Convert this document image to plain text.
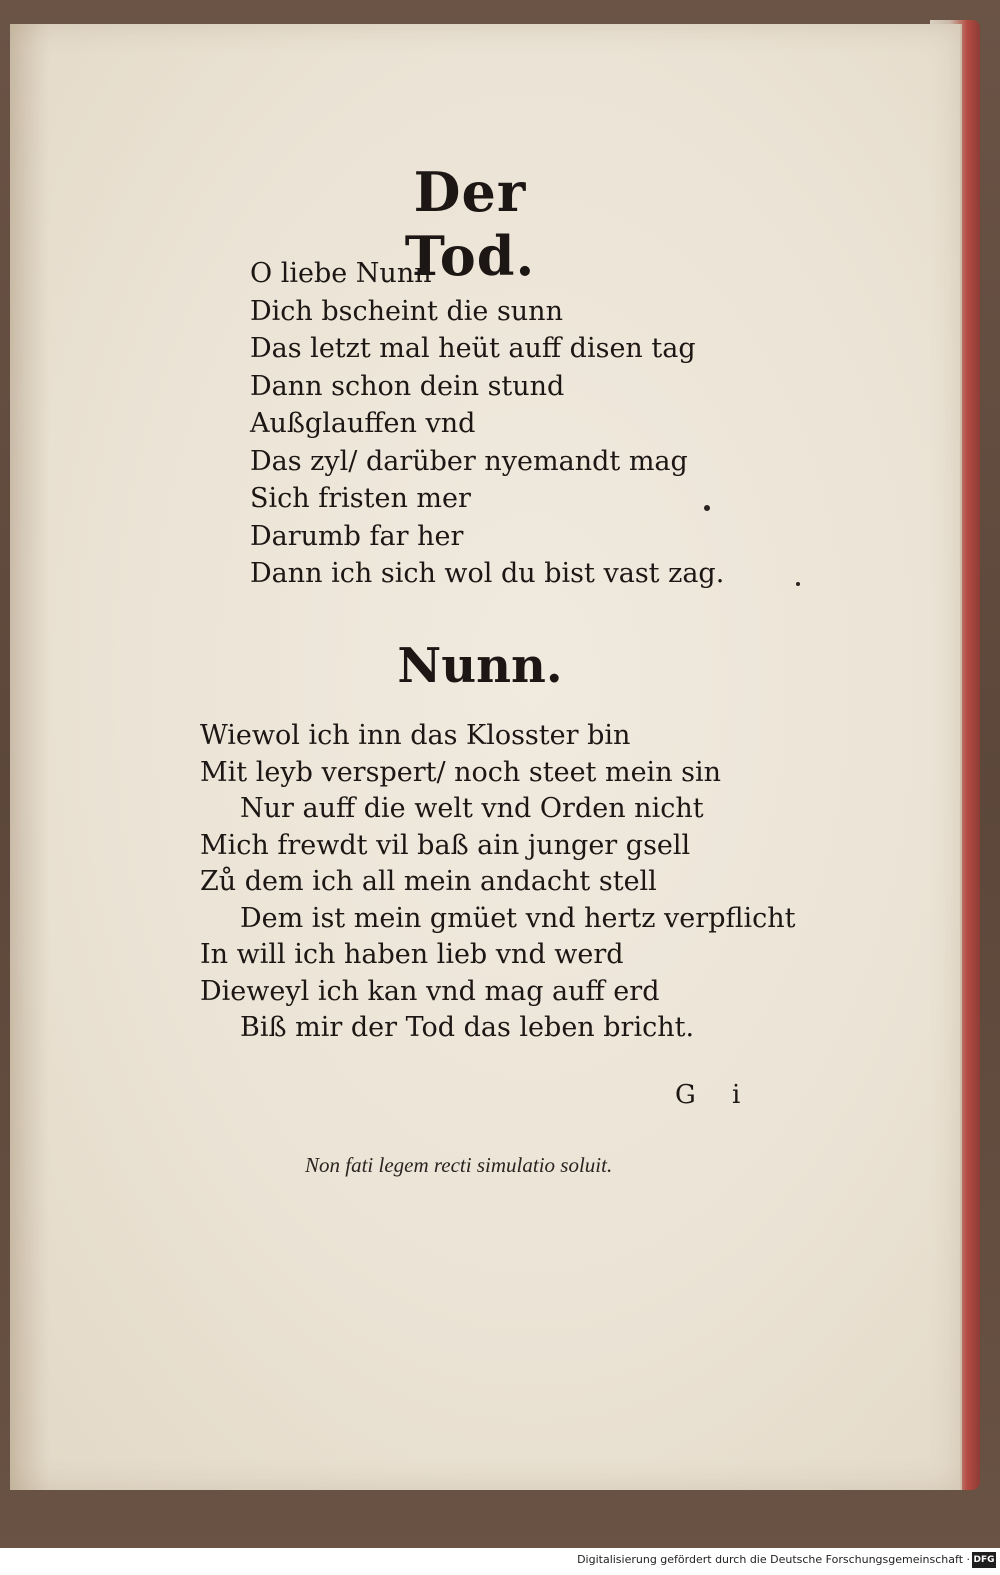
Der Tod.
O liebe Nunn
Dich bscheint die sunn
Das letzt mal heüt auff disen tag
Dann schon dein stund
Außglauffen vnd
Das zyl/ darüber nyemandt mag
Sich fristen mer
Darumb far her
Dann ich sich wol du bist vast zag.
Nunn.
Wiewol ich inn das Klosster bin
Mit leyb verspert/ noch steet mein sin
Nur auff die welt vnd Orden nicht
Mich frewdt vil baß ain junger gsell
Zů dem ich all mein andacht stell
Dem ist mein gmüet vnd hertz verpflicht
In will ich haben lieb vnd werd
Dieweyl ich kan vnd mag auff erd
Biß mir der Tod das leben bricht.
G i
Non fati legem recti simulatio soluit.
Digitalisierung gefördert durch die Deutsche Forschungsgemeinschaft · DFG
